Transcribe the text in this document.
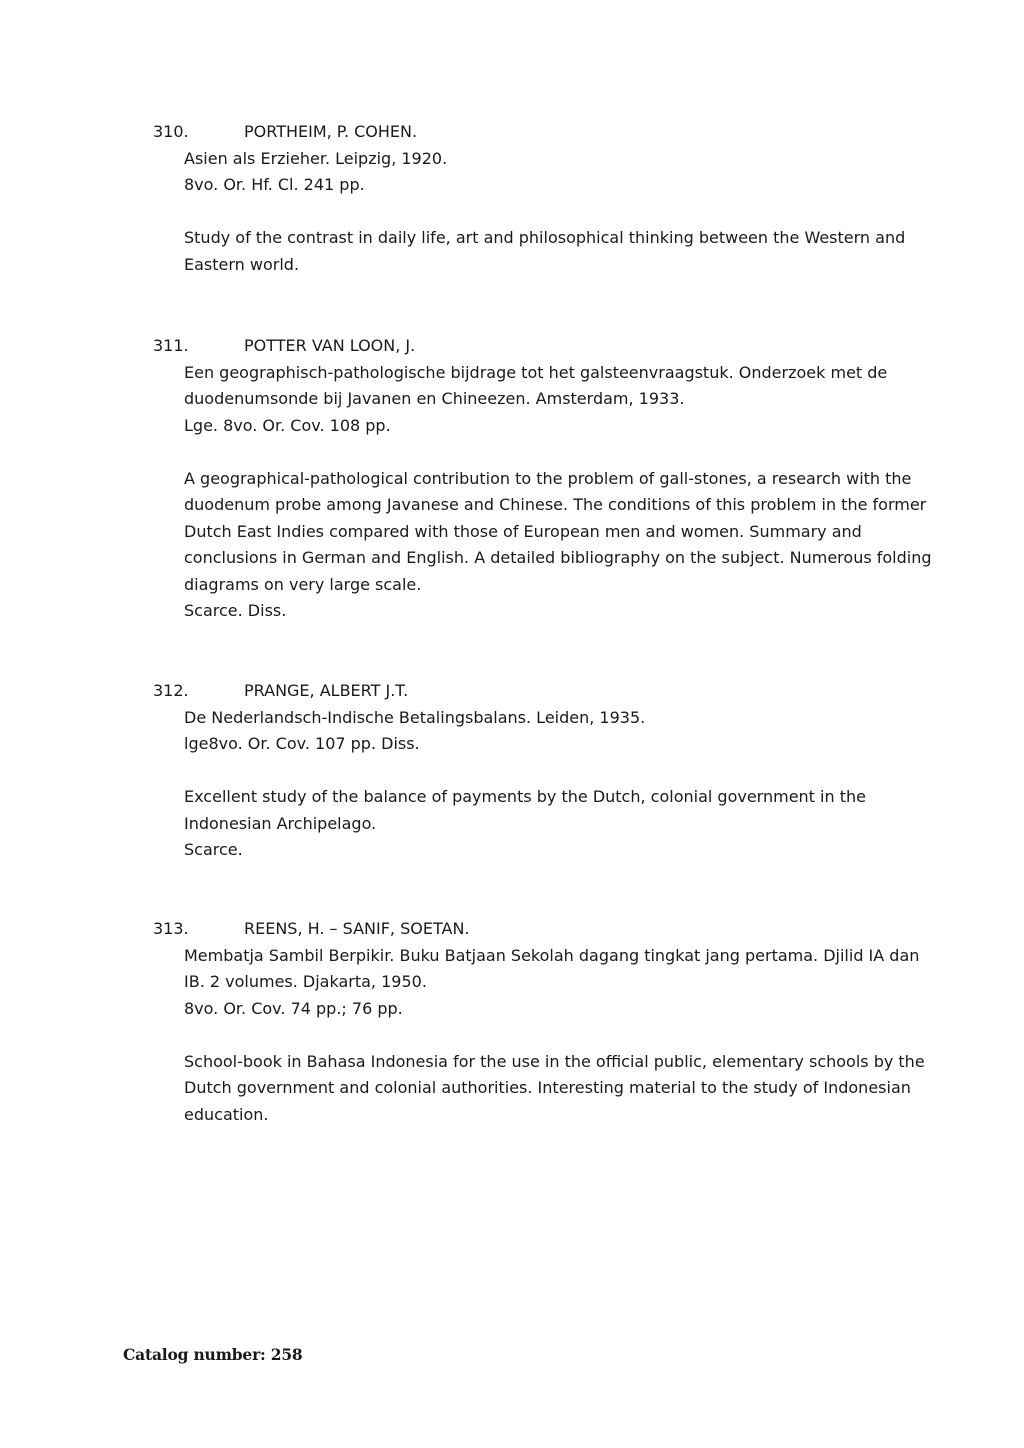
310.	PORTHEIM, P. COHEN.
Asien als Erzieher. Leipzig, 1920.
8vo. Or. Hf. Cl. 241 pp.
Study of the contrast in daily life, art and philosophical thinking between the Western and
Eastern world.
311.	POTTER VAN LOON, J.
Een geographisch-pathologische bijdrage tot het galsteenvraagstuk. Onderzoek met de
duodenumsonde bij Javanen en Chineezen. Amsterdam, 1933.
Lge. 8vo. Or. Cov. 108 pp.
A geographical-pathological contribution to the problem of gall-stones, a research with the
duodenum probe among Javanese and Chinese. The conditions of this problem in the former
Dutch East Indies compared with those of European men and women. Summary and
conclusions in German and English. A detailed bibliography on the subject. Numerous folding
diagrams on very large scale.
Scarce. Diss.
312.	PRANGE, ALBERT J.T.
De Nederlandsch-Indische Betalingsbalans. Leiden, 1935.
lge8vo. Or. Cov. 107 pp. Diss.
Excellent study of the balance of payments by the Dutch, colonial government in the
Indonesian Archipelago.
Scarce.
313.	REENS, H. – SANIF, SOETAN.
Membatja Sambil Berpikir. Buku Batjaan Sekolah dagang tingkat jang pertama. Djilid IA dan
IB. 2 volumes. Djakarta, 1950.
8vo. Or. Cov. 74 pp.; 76 pp.
School-book in Bahasa Indonesia for the use in the official public, elementary schools by the
Dutch government and colonial authorities. Interesting material to the study of Indonesian
education.
Catalog number: 258
